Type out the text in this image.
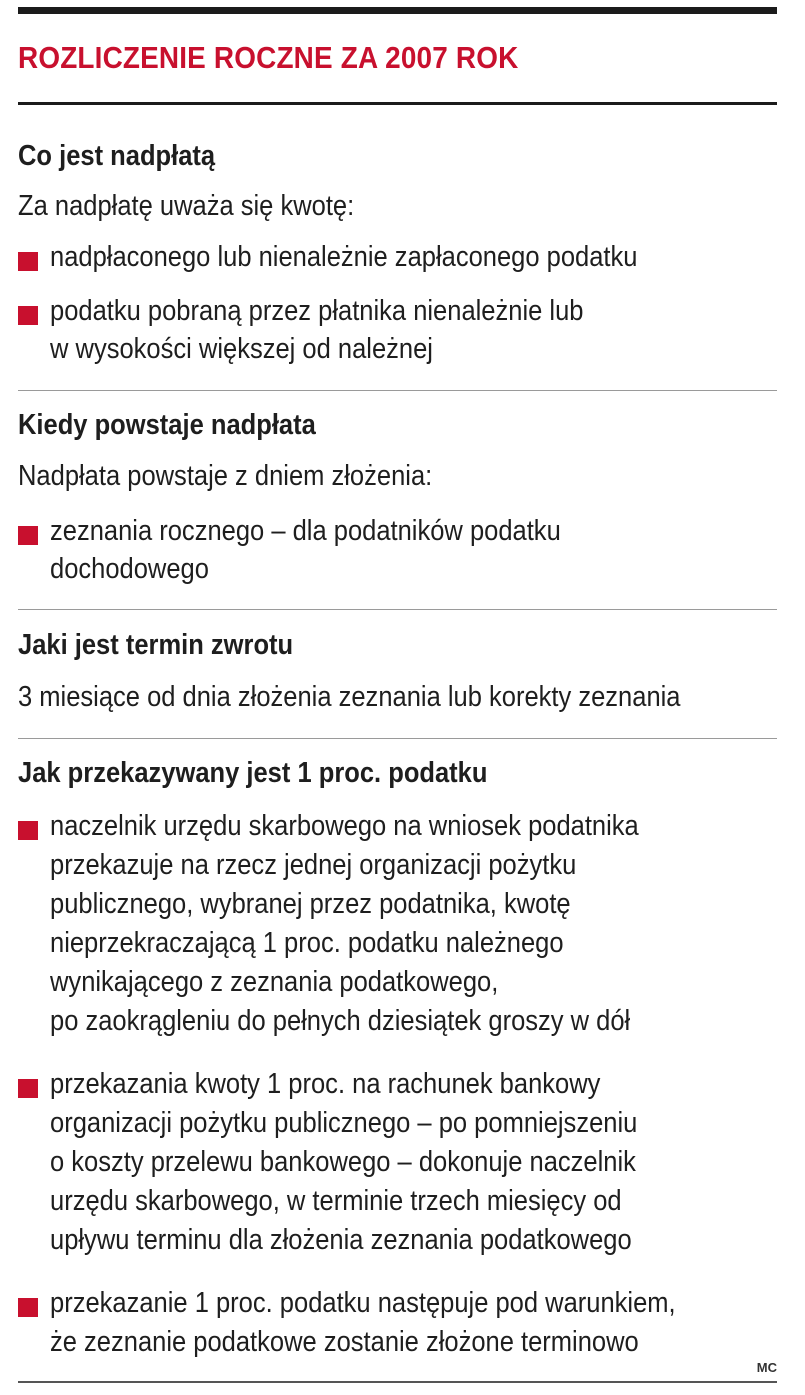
ROZLICZENIE ROCZNE ZA 2007 ROK
Co jest nadpłatą
Za nadpłatę uważa się kwotę:
nadpłaconego lub nienależnie zapłaconego podatku
podatku pobraną przez płatnika nienależnie lub
w wysokości większej od należnej
Kiedy powstaje nadpłata
Nadpłata powstaje z dniem złożenia:
zeznania rocznego – dla podatników podatku
dochodowego
Jaki jest termin zwrotu
3 miesiące od dnia złożenia zeznania lub korekty zeznania
Jak przekazywany jest 1 proc. podatku
naczelnik urzędu skarbowego na wniosek podatnika
przekazuje na rzecz jednej organizacji pożytku
publicznego, wybranej przez podatnika, kwotę
nieprzekraczającą 1 proc. podatku należnego
wynikającego z zeznania podatkowego,
po zaokrągleniu do pełnych dziesiątek groszy w dół
przekazania kwoty 1 proc. na rachunek bankowy
organizacji pożytku publicznego – po pomniejszeniu
o koszty przelewu bankowego – dokonuje naczelnik
urzędu skarbowego, w terminie trzech miesięcy od
upływu terminu dla złożenia zeznania podatkowego
przekazanie 1 proc. podatku następuje pod warunkiem,
że zeznanie podatkowe zostanie złożone terminowo
MC
